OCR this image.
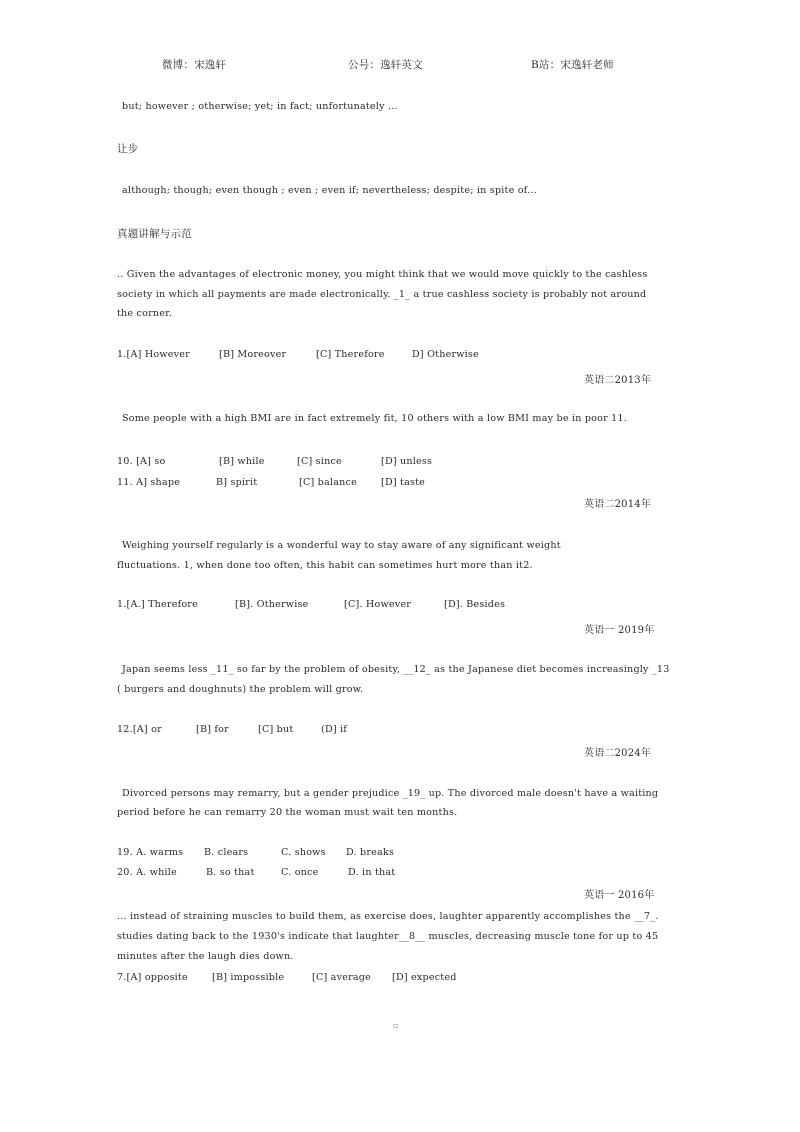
微博：宋逸轩	公号：逸轩英文	B站：宋逸轩老师
but; however ; otherwise; yet; in fact; unfortunately ...
让步
although; though; even though ; even ; even if; nevertheless; despite; in spite of...
真题讲解与示范
.. Given the advantages of electronic money, you might think that we would move quickly to the cashless
society in which all payments are made electronically. _1_ a true cashless society is probably not around
the corner.
1.[A] However	[B] Moreover	[C] Therefore	D] Otherwise
英语二2013年
Some people with a high BMI are in fact extremely fit, 10 others with a low BMI may be in poor 11.
10. [A] so	[B] while	[C] since	[D] unless
11. A] shape	B] spirit	[C] balance	[D] taste
英语二2014年
Weighing yourself regularly is a wonderful way to stay aware of any significant weight
fluctuations. 1, when done too often, this habit can sometimes hurt more than it2.
1.[A.] Therefore	[B]. Otherwise	[C]. However	[D]. Besides
英语一 2019年
Japan seems less _11_ so far by the problem of obesity, __12_ as the Japanese diet becomes increasingly _13
( burgers and doughnuts) the problem will grow.
12.[A] or	[B] for	[C] but	(D] if
英语二2024年
Divorced persons may remarry, but a gender prejudice _19_ up. The divorced male doesn't have a waiting
period before he can remarry 20 the woman must wait ten months.
19. A. warms B. clears	C. shows D. breaks
20. A. while	B. so that	C. once	D. in that
英语一 2016年
… instead of straining muscles to build them, as exercise does, laughter apparently accomplishes the __7_.
studies dating back to the 1930's indicate that laughter__8__ muscles, decreasing muscle tone for up to 45
minutes after the laugh dies down.
7.[A] opposite	[B] impossible	[C] average [D] expected
▫
